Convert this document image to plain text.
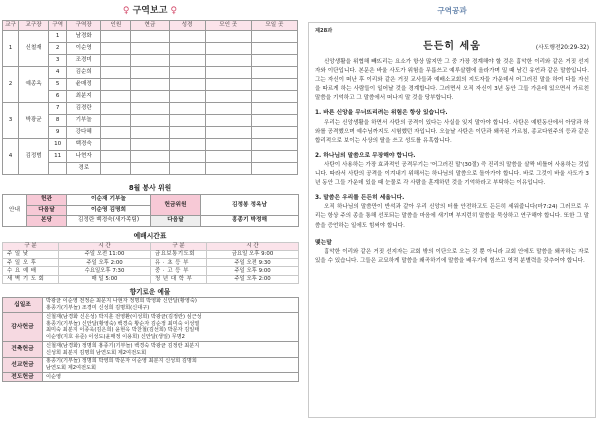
♀ 구역보고 ♀
교구	교구장	구역	구역장	인원	현금	성경	모인 곳	모일 곳
1	신철재	1	남경화					
		2	이순영					
		3	조경미					
2	예종옥	4	김순희					
		5	윤매정					
		6	최분지					
3	박광균	7	김경란					
		8	기부놀					
		9	강다혜					
4	김정범	10	백경숙					
		11	나현자					
			경로					
8월 봉사 위원
안내	헌관	이순재 기부놀	헌금위원	김정봉 정옥남
	다음달	이순영 김명희		
	본당	김정란 백경숙(새가족팀)	다음달	홍종기 박정해
예배시간표
구 분	시 간	구 분	시 간
주 일 낮	주일 오전 11:00	금요보통기도회	금요일 오후 9:00
주 일 오 후	주일 오후 2:00	유 · 초 등 부	주일 오전 9:30
수 요 예 배	수요일오후 7:30	중 · 고 등 부	주일 오후 9:00
새 벽 기 도 회	매 일 5:00	청 년 대 학 부	주일 오후 2:00
향기로운 예물
십일조	박광균 이순영 전정순 최문지 나현자 정명희 박영화 신안달(황영숙)
홍종기(기부놀) 조경미 신성희 김명희(신대구)

감사헌금	신철재(남경화 신은성) 박지훈 전영환(이성희) 박광균(김정란) 심근성
홍종기(기부놀) 신안달(황영숙) 백경숙 황순자 김순정 최미숙 이성열
최미숙 최분지 이종욱(김은희) 윤현옥 박찬철(김선희) 박문자 김일태
이순영(지호 유준) 이성도(윤매정 이용희) 신안달(생일) 무명2

건축헌금	신철재(남경화) 정명희 홍종기(기부놀) 백경숙 박광균 김정란 최분지
신성희 최분지 김명희 남연도회 제2여전도회

선교헌금	홍종기(기부놀) 정명희 박영희 박문자 이순영 최분지 신성희 김명희
남연도회 제2여전도회

전도헌금	이순영
구역공과
제28과
든든히 세움	(사도행전20:29-32)
신앙생활을 위협해 빼뜨리는 요소가 항상 많지만 그 중 가장 경계해야 할 것은 흉악한 이리와 같은 거짓 선지자와 이단입니다. 본문은 바울 사도가 위험을 무릅쓰고 예루살렘에 올라가며 밀 때 남긴 유언과 같은 말씀입니다. 그는 자신이 떠난 후 이리와 같은 거짓 교사들과 예배소교회의 지도자들 가운데서 어그러진 말을 하여 다들 자신을 따르게 하는 사람들이 일어날 것을 경계합니다. 그러면서 오직 자신이 3년 동안 그들 가운데 있으면서 가르친 말씀을 기억하고 그 말씀에서 떠나지 말 것을 당부합니다.
1. 바른 신앙을 무너뜨리려는 위험은 항상 있습니다.
우리는 신앙생활을 하면서 사탄의 공격이 있다는 사실을 잊지 말아야 합니다. 사탄은 예떤동산에서 아담과 하와를 공격했으며 예수님까지도 시험했던 자입니다. 오늘날 사탄은 이단과 왜곡된 가르침, 종교다원주의 등과 같은 합리적으로 보이는 사상의 탈을 쓰고 성도를 유혹합니다.
2. 하나님의 말씀으로 무장해야 합니다.
사탄이 사용하는 가장 효과적인 공격무기는 '어그러진 말'(30절) 즉 진리의 말씀을 살짝 비틀어 사용하는 것입니다. 따라서 사탄의 공격을 이겨내기 위해서는 하나님의 말씀으로 돌아가야 합니다. 바로 그것이 바울 사도가 3년 동안 그들 가운데 있을 때 눈물로 각 사람을 훈계하던 것을 기억하라고 부탁하는 이유입니다.
3. 말씀은 우리를 든든히 세웁니다.
오직 하나님의 말씀만이 반석과 같아 우리 신앙의 터를 안전하고도 든든히 세워줍니다(마7:24) 그러므로 우리는 항상 주의 종을 통해 선포되는 말씀을 마음에 새기며 부지런히 말씀을 묵상하고 연구해야 합니다. 또한 그 말씀을 증언하는 일에도 힘써야 합니다.
맺는말
흉악한 이리와 같은 거짓 선지자는 교회 밖의 이단으로 오는 것 뿐 아니라 교회 안에도 말씀을 왜곡하는 자로 있을 수 있습니다. 그들은 교묘하게 말씀을 왜곡하기에 말씀을 배우기에 힘쓰고 영적 분별력을 갖추어야 합니다.
